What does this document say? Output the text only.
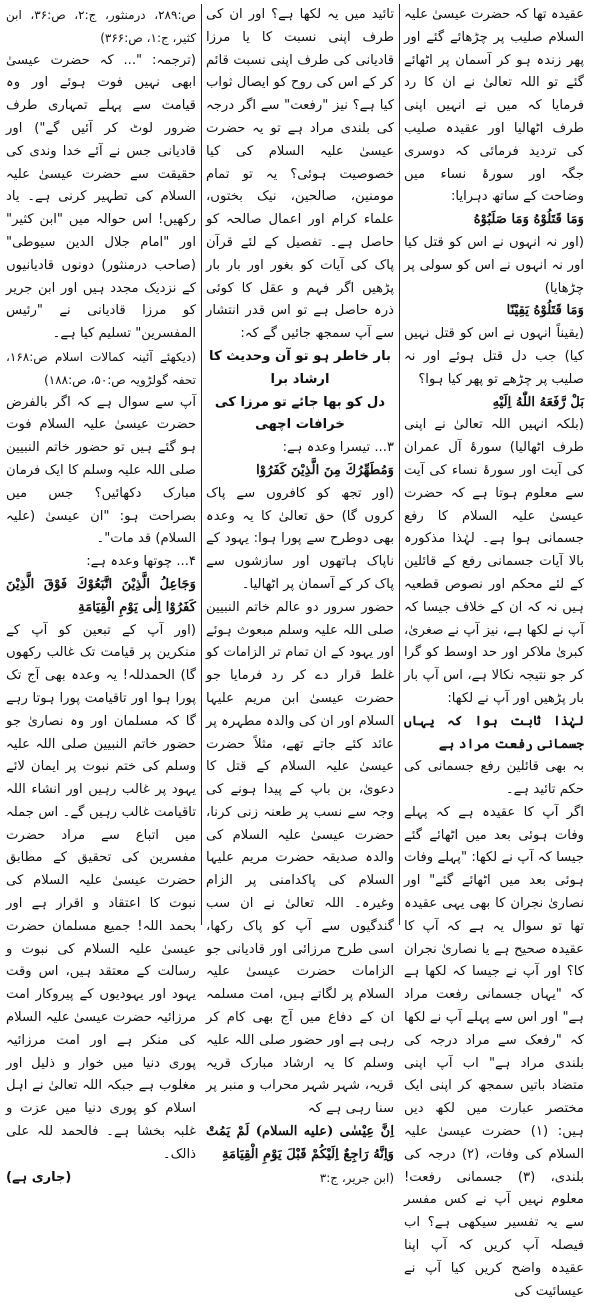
عقیدہ تھا کہ حضرت عیسیٰ علیہ السلام صلیب پر چڑھائے گئے اور پھر زندہ ہو کر آسمان پر اٹھائے گئے تو اللہ تعالیٰ نے ان کا رد فرمایا کہ میں نے انہیں اپنی طرف اٹھالیا اور عقیدہ صلیب کی تردید فرمائی کہ دوسری جگہ اور سورۂ نساء میں وضاحت کے ساتھ دہرایا:

وَمَا قَتَلُوْهُ وَمَا صَلَبُوْهُ

(اور نہ انہوں نے اس کو قتل کیا اور نہ انہوں نے اس کو سولی پر چڑھایا)

وَمَا قَتَلُوْهُ يَقِيْنًا

(یقیناً انہوں نے اس کو قتل نہیں کیا) جب دل قتل ہوئے اور نہ صلیب پر چڑھے تو پھر کیا ہوا؟

بَلْ رَّفَعَهُ اللّٰهُ اِلَيْهِ

(بلکہ انہیں اللہ تعالیٰ نے اپنی طرف اٹھالیا) سورۂ آل عمران کی آیت اور سورۂ نساء کی آیت سے معلوم ہوتا ہے کہ حضرت عیسیٰ علیہ السلام کا رفع جسمانی ہوا ہے۔ لہٰذا مذکورہ بالا آیات جسمانی رفع کے قائلین کے لئے محکم اور نصوص قطعیہ ہیں نہ کہ ان کے خلاف جیسا کہ آپ نے لکھا ہے، نیز آپ نے صغریٰ، کبریٰ ملاکر اور حد اوسط کو گرا کر جو نتیجہ نکالا ہے، اس آپ بار بار پڑھیں اور آپ نے لکھا:

لہٰذا ثابت ہوا کہ یہاں جسمانی رفعت مراد ہے

بہ بھی قائلین رفع جسمانی کی حکم تائید ہے۔

اگر آپ کا عقیدہ ہے کہ پہلے وفات ہوئی بعد میں اٹھائے گئے جیسا کہ آپ نے لکھا: "پہلے وفات ہوئی بعد میں اٹھائے گئے" اور نصاریٰ نجران کا بھی یہی عقیدہ تھا تو سوال یہ ہے کہ آپ کا عقیدہ صحیح ہے یا نصاریٰ نجران کا؟ اور آپ نے جیسا کہ لکھا ہے کہ "یہاں جسمانی رفعت مراد ہے" اور اس سے پہلے آپ نے لکھا کہ "رفعک سے مراد درجہ کی بلندی مراد ہے" اب آپ اپنی متضاد باتیں سمجھ کر اپنی ایک مختصر عبارت میں لکھ دیں ہیں: (۱) حضرت عیسیٰ علیہ السلام کی وفات، (۲) درجہ کی بلندی، (۳) جسمانی رفعت! معلوم نہیں آپ نے کس مفسر سے یہ تفسیر سیکھی ہے؟ اب فیصلہ آپ کریں کہ آپ اپنا عقیدہ واضح کریں کیا آپ نے عیسائیت کی

تائید میں یہ لکھا ہے؟ اور ان کی طرف اپنی نسبت کا یا مرزا قادیانی کی طرف اپنی نسبت قائم کر کے اس کی روح کو ایصال ثواب کیا ہے؟ نیز "رفعت" سے اگر درجہ کی بلندی مراد ہے تو یہ حضرت عیسیٰ علیہ السلام کی کیا خصوصیت ہوئی؟ یہ تو تمام مومنین، صالحین، نیک بختوں، علماء کرام اور اعمال صالحہ کو حاصل ہے۔ تفصیل کے لئے قرآن پاک کی آیات کو بغور اور بار بار پڑھیں اگر فہم و عقل کا کوئی ذرہ حاصل ہے تو اس قدر انتشار سے آپ سمجھ جائیں گے کہ:

بار خاطر ہو تو آن وحدیث کا ارشاد برا

دل کو بھا جائے تو مرزا کی خرافات اچھی

۳... تیسرا وعدہ ہے:

وَمُطَهِّرُكَ مِنَ الَّذِيْنَ كَفَرُوْا

(اور تجھ کو کافروں سے پاک کروں گا) حق تعالیٰ کا یہ وعدہ بھی دوطرح سے پورا ہوا: یہود کے ناپاک ہاتھوں اور سازشوں سے پاک کر کے آسمان پر اٹھالیا۔

حضور سرور دو عالم خاتم النبیین صلی اللہ علیہ وسلم مبعوث ہوئے اور یہود کے ان تمام تر الزامات کو غلط قرار دے کر رد فرمایا جو حضرت عیسیٰ ابن مریم علیہا السلام اور ان کی والدہ مطہرہ پر عائد کئے جاتے تھے، مثلاً حضرت عیسیٰ علیہ السلام کے قتل کا دعویٰ، بن باپ کے پیدا ہونے کی وجہ سے نسب پر طعنہ زنی کرنا، حضرت عیسیٰ علیہ السلام کی والدہ صدیقہ حضرت مریم علیہا السلام کی پاکدامنی پر الزام وغیرہ۔ اللہ تعالیٰ نے ان سب گندگیوں سے آپ کو پاک رکھا، اسی طرح مرزائی اور قادیانی جو الزامات حضرت عیسیٰ علیہ السلام پر لگاتے ہیں، امت مسلمہ ان کے دفاع میں آج بھی کام کر رہی ہے اور حضور صلی اللہ علیہ وسلم کا یہ ارشاد مبارک قریہ قریہ، شہر شہر محراب و منبر پر سنا رہی ہے کہ

اِنَّ عِيْسٰى (عليه السلام) لَمْ يَمُتْ وَاِنَّهُ رَاجِعٌ اِلَيْكُمْ قَبْلَ يَوْمِ الْقِيَامَةِ

(ابن جریر، ج:۳

ص:۲۸۹، درمنثور، ج:۲، ص:۳۶، ابن کثیر، ج:۱، ص:۳۶۶)

(ترجمہ: "... کہ حضرت عیسیٰ ابھی نہیں فوت ہوئے اور وہ قیامت سے پہلے تمہاری طرف ضرور لوٹ کر آئیں گے") اور قادیانی جس نے آئے خدا وندی کی حقیقت سے حضرت عیسیٰ علیہ السلام کی تطہیر کرنی ہے۔ یاد رکھیں! اس حوالہ میں "ابن کثیر" اور "امام جلال الدین سیوطی" (صاحب درمنثور) دونوں قادیانیوں کے نزدیک مجدد ہیں اور ابن جریر کو مرزا قادیانی نے "رئیس المفسرین" تسلیم کیا ہے۔

(دیکھئے آئینہ کمالات اسلام ص:۱۶۸، تحفہ گولڑویہ ص:۵۰، ص:۱۸۸)

آپ سے سوال ہے کہ اگر بالفرض حضرت عیسیٰ علیہ السلام فوت ہو گئے ہیں تو حضور خاتم النبیین صلی اللہ علیہ وسلم کا ایک فرمان مبارک دکھائیں؟ جس میں بصراحت ہو: "ان عیسیٰ (علیہ السلام) قد مات"۔

۴... چوتھا وعدہ ہے:

وَجَاعِلُ الَّذِيْنَ اتَّبَعُوْكَ فَوْقَ الَّذِيْنَ كَفَرُوْا اِلٰى يَوْمِ الْقِيَامَةِ

(اور آپ کے تبعین کو آپ کے منکرین پر قیامت تک غالب رکھوں گا) الحمدللہ! یہ وعدہ بھی آج تک پورا ہوا اور تاقیامت پورا ہوتا رہے گا کہ مسلمان اور وہ نصاریٰ جو حضور خاتم النبیین صلی اللہ علیہ وسلم کی ختم نبوت پر ایمان لائے یہود پر غالب رہیں اور انشاء اللہ تاقیامت غالب رہیں گے۔ اس جملہ میں اتباع سے مراد حضرت مفسرین کی تحقیق کے مطابق حضرت عیسیٰ علیہ السلام کی نبوت کا اعتقاد و اقرار ہے اور بحمد اللہ! جمیع مسلمان حضرت عیسیٰ علیہ السلام کی نبوت و رسالت کے معتقد ہیں، اس وقت یہود اور یہودیوں کے پیروکار امت مرزائیہ حضرت عیسیٰ علیہ السلام کی منکر ہے اور امت مرزائیہ پوری دنیا میں خوار و ذلیل اور مغلوب ہے جبکہ اللہ تعالیٰ نے اہل اسلام کو پوری دنیا میں عزت و غلبہ بخشا ہے۔ فالحمد للہ علی ذالک۔

(جاری ہے)
